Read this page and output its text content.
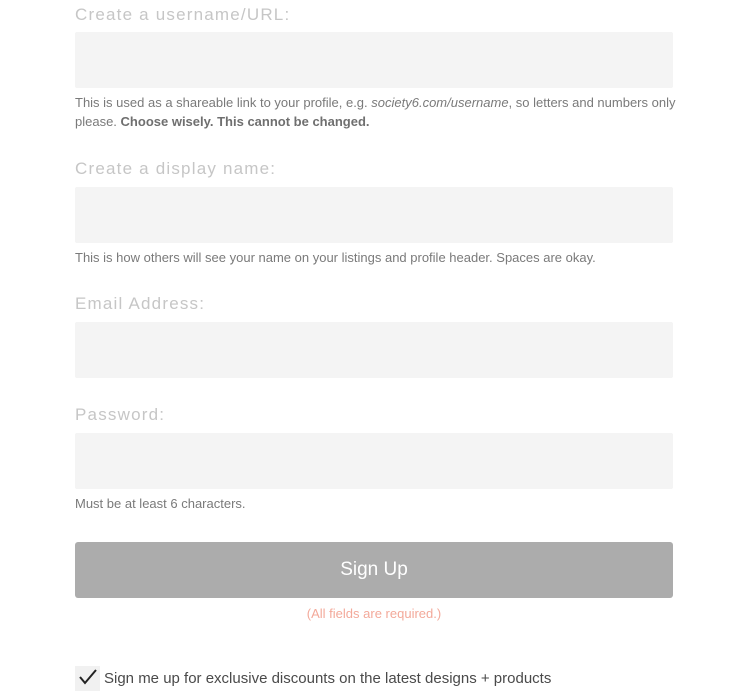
Create a username/URL:
This is used as a shareable link to your profile, e.g. society6.com/username, so letters and numbers only please. Choose wisely. This cannot be changed.
Create a display name:
This is how others will see your name on your listings and profile header. Spaces are okay.
Email Address:
Password:
Must be at least 6 characters.
Sign Up
(All fields are required.)
Sign me up for exclusive discounts on the latest designs + products
